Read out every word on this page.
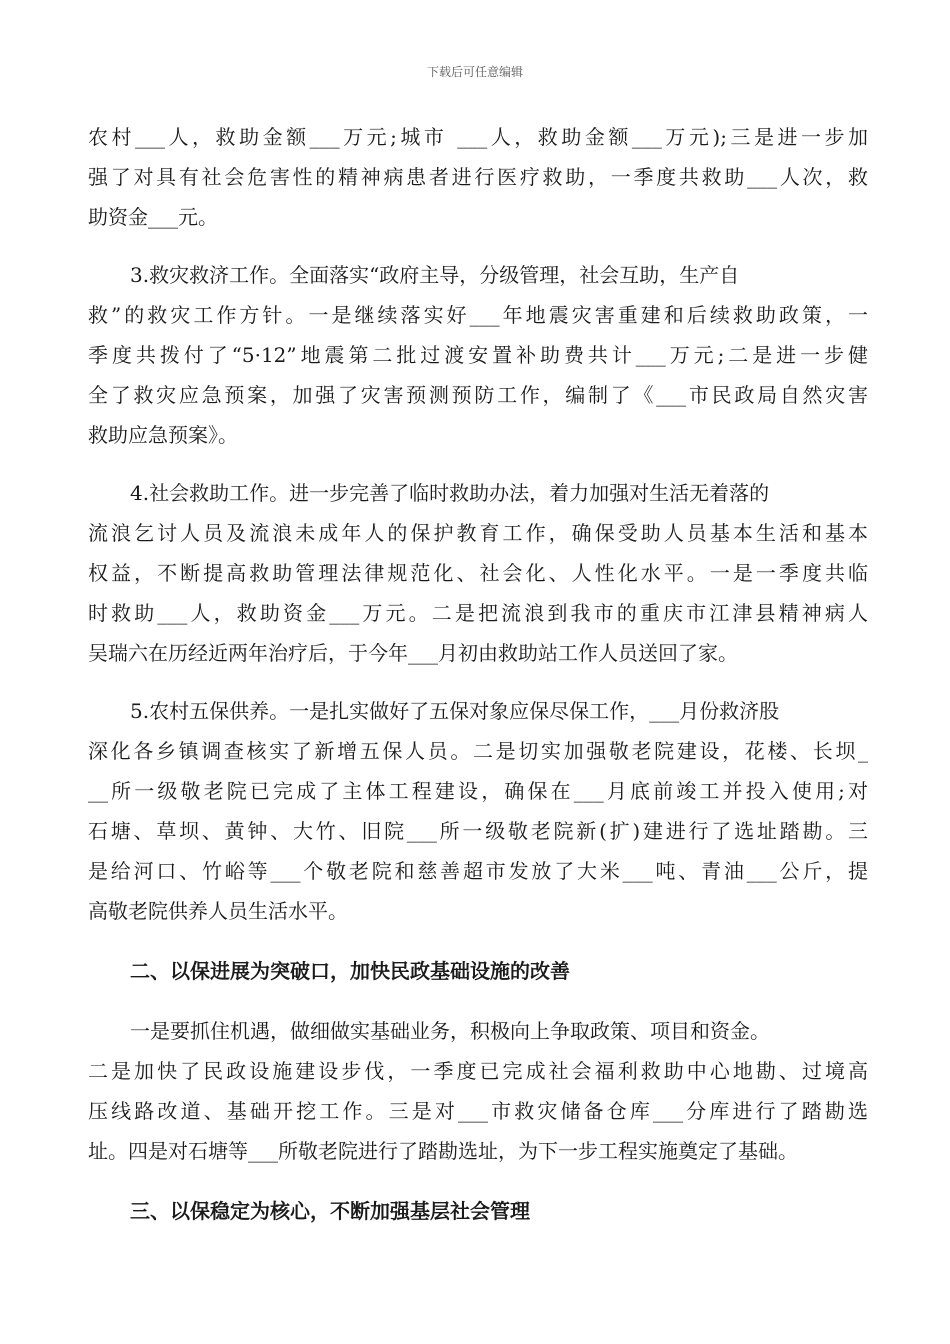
下载后可任意编辑
农村___人，救助金额___万元;城市 ___人，救助金额___万元);三是进一步加
强了对具有社会危害性的精神病患者进行医疗救助，一季度共救助___人次，救
助资金___元。
3.救灾救济工作。全面落实“政府主导，分级管理，社会互助，生产自
救”的救灾工作方针。一是继续落实好___年地震灾害重建和后续救助政策，一
季度共拨付了“5·12”地震第二批过渡安置补助费共计___万元;二是进一步健
全了救灾应急预案，加强了灾害预测预防工作，编制了《___市民政局自然灾害
救助应急预案》。
4.社会救助工作。进一步完善了临时救助办法，着力加强对生活无着落的
流浪乞讨人员及流浪未成年人的保护教育工作，确保受助人员基本生活和基本
权益，不断提高救助管理法律规范化、社会化、人性化水平。一是一季度共临
时救助___人，救助资金___万元。二是把流浪到我市的重庆市江津县精神病人
吴瑞六在历经近两年治疗后，于今年___月初由救助站工作人员送回了家。
5.农村五保供养。一是扎实做好了五保对象应保尽保工作，___月份救济股
深化各乡镇调查核实了新增五保人员。二是切实加强敬老院建设，花楼、长坝_
__所一级敬老院已完成了主体工程建设，确保在___月底前竣工并投入使用;对
石塘、草坝、黄钟、大竹、旧院___所一级敬老院新(扩)建进行了选址踏勘。三
是给河口、竹峪等___个敬老院和慈善超市发放了大米___吨、青油___公斤，提
高敬老院供养人员生活水平。
二、以保进展为突破口，加快民政基础设施的改善
一是要抓住机遇，做细做实基础业务，积极向上争取政策、项目和资金。
二是加快了民政设施建设步伐，一季度已完成社会福利救助中心地勘、过境高
压线路改道、基础开挖工作。三是对___市救灾储备仓库___分库进行了踏勘选
址。四是对石塘等___所敬老院进行了踏勘选址，为下一步工程实施奠定了基础。
三、以保稳定为核心，不断加强基层社会管理
